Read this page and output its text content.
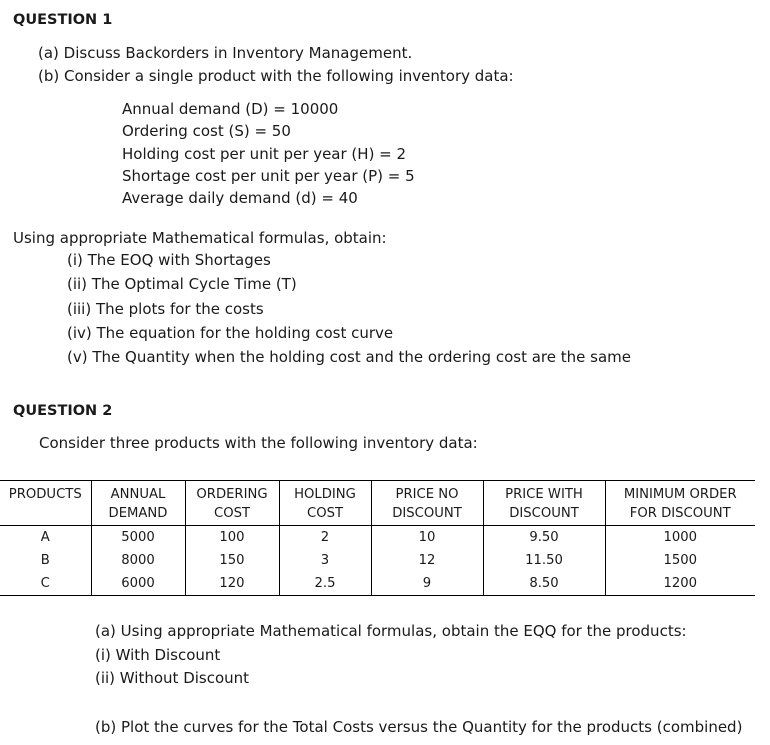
QUESTION 1
(a) Discuss Backorders in Inventory Management.
(b) Consider a single product with the following inventory data:
Annual demand (D) = 10000
Ordering cost (S) = 50
Holding cost per unit per year (H) = 2
Shortage cost per unit per year (P) = 5
Average daily demand (d) = 40
Using appropriate Mathematical formulas, obtain:
(i) The EOQ with Shortages
(ii) The Optimal Cycle Time (T)
(iii) The plots for the costs
(iv) The equation for the holding cost curve
(v) The Quantity when the holding cost and the ordering cost are the same
QUESTION 2
Consider three products with the following inventory data:
PRODUCTS	ANNUAL	ORDERING	HOLDING	PRICE NO	PRICE WITH	MINIMUM ORDER
	DEMAND	COST	COST	DISCOUNT	DISCOUNT	FOR DISCOUNT
A	5000	100	2	10	9.50	1000
B	8000	150	3	12	11.50	1500
C	6000	120	2.5	9	8.50	1200
(a) Using appropriate Mathematical formulas, obtain the EQQ for the products:
(i) With Discount
(ii) Without Discount
(b) Plot the curves for the Total Costs versus the Quantity for the products (combined)
